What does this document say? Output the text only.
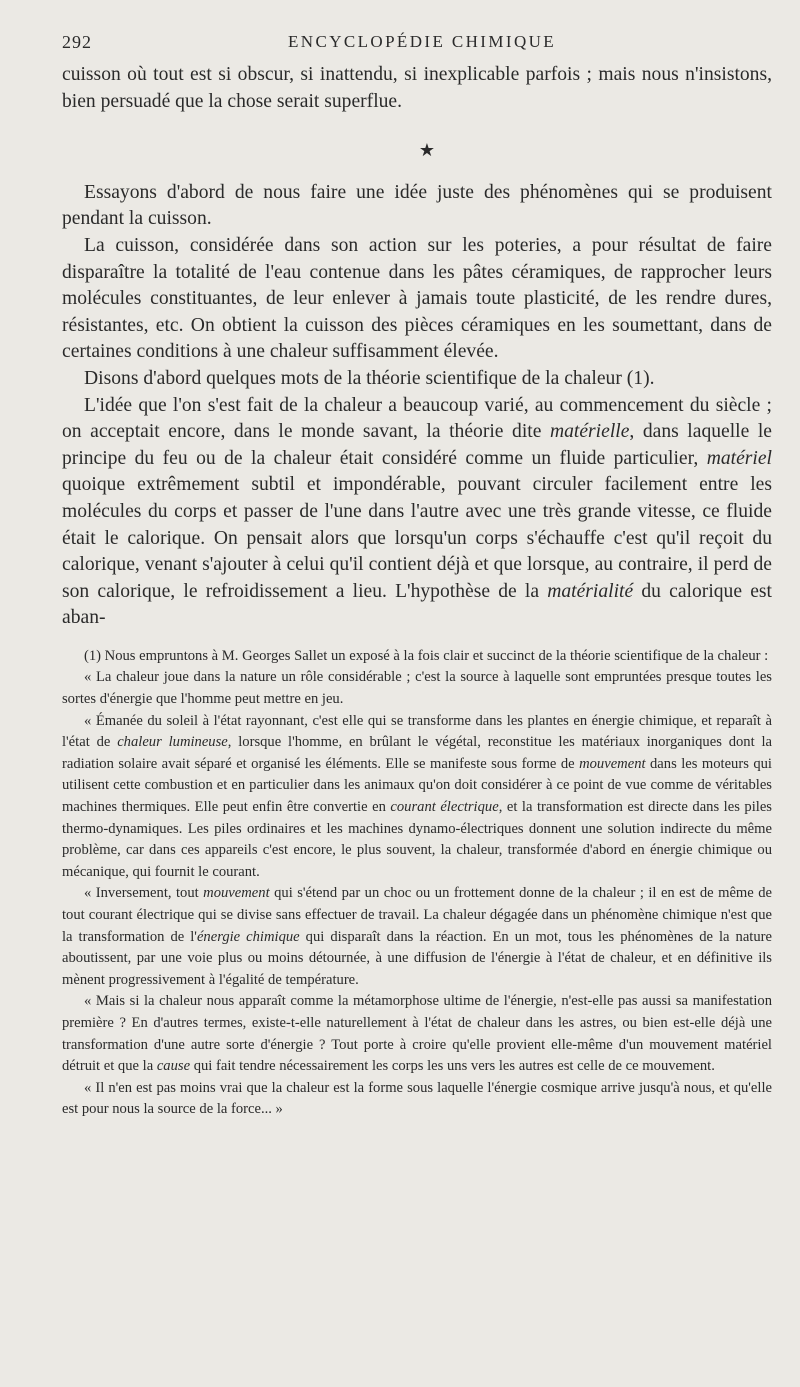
292	ENCYCLOPÉDIE CHIMIQUE

cuisson où tout est si obscur, si inattendu, si inexplicable parfois ; mais nous n'insistons, bien persuadé que la chose serait superflue.

★

Essayons d'abord de nous faire une idée juste des phénomènes qui se produisent pendant la cuisson.

La cuisson, considérée dans son action sur les poteries, a pour résultat de faire disparaître la totalité de l'eau contenue dans les pâtes céramiques, de rapprocher leurs molécules constituantes, de leur enlever à jamais toute plasticité, de les rendre dures, résistantes, etc. On obtient la cuisson des pièces céramiques en les soumettant, dans de certaines conditions à une chaleur suffisamment élevée.

Disons d'abord quelques mots de la théorie scientifique de la chaleur (1).

L'idée que l'on s'est fait de la chaleur a beaucoup varié, au commencement du siècle ; on acceptait encore, dans le monde savant, la théorie dite matérielle, dans laquelle le principe du feu ou de la chaleur était considéré comme un fluide particulier, matériel quoique extrêmement subtil et impondérable, pouvant circuler facilement entre les molécules du corps et passer de l'une dans l'autre avec une très grande vitesse, ce fluide était le calorique. On pensait alors que lorsqu'un corps s'échauffe c'est qu'il reçoit du calorique, venant s'ajouter à celui qu'il contient déjà et que lorsque, au contraire, il perd de son calorique, le refroidissement a lieu. L'hypothèse de la matérialité du calorique est aban-

(1) Nous empruntons à M. Georges Sallet un exposé à la fois clair et succinct de la théorie scientifique de la chaleur :

« La chaleur joue dans la nature un rôle considérable ; c'est la source à laquelle sont empruntées presque toutes les sortes d'énergie que l'homme peut mettre en jeu.

« Émanée du soleil à l'état rayonnant, c'est elle qui se transforme dans les plantes en énergie chimique, et reparaît à l'état de chaleur lumineuse, lorsque l'homme, en brûlant le végétal, reconstitue les matériaux inorganiques dont la radiation solaire avait séparé et organisé les éléments. Elle se manifeste sous forme de mouvement dans les moteurs qui utilisent cette combustion et en particulier dans les animaux qu'on doit considérer à ce point de vue comme de véritables machines thermiques. Elle peut enfin être convertie en courant électrique, et la transformation est directe dans les piles thermo-dynamiques. Les piles ordinaires et les machines dynamo-électriques donnent une solution indirecte du même problème, car dans ces appareils c'est encore, le plus souvent, la chaleur, transformée d'abord en énergie chimique ou mécanique, qui fournit le courant.

« Inversement, tout mouvement qui s'étend par un choc ou un frottement donne de la chaleur ; il en est de même de tout courant électrique qui se divise sans effectuer de travail. La chaleur dégagée dans un phénomène chimique n'est que la transformation de l'énergie chimique qui disparaît dans la réaction. En un mot, tous les phénomènes de la nature aboutissent, par une voie plus ou moins détournée, à une diffusion de l'énergie à l'état de chaleur, et en définitive ils mènent progressivement à l'égalité de température.

« Mais si la chaleur nous apparaît comme la métamorphose ultime de l'énergie, n'est-elle pas aussi sa manifestation première ? En d'autres termes, existe-t-elle naturellement à l'état de chaleur dans les astres, ou bien est-elle déjà une transformation d'une autre sorte d'énergie ? Tout porte à croire qu'elle provient elle-même d'un mouvement matériel détruit et que la cause qui fait tendre nécessairement les corps les uns vers les autres est celle de ce mouvement.

« Il n'en est pas moins vrai que la chaleur est la forme sous laquelle l'énergie cosmique arrive jusqu'à nous, et qu'elle est pour nous la source de la force... »
